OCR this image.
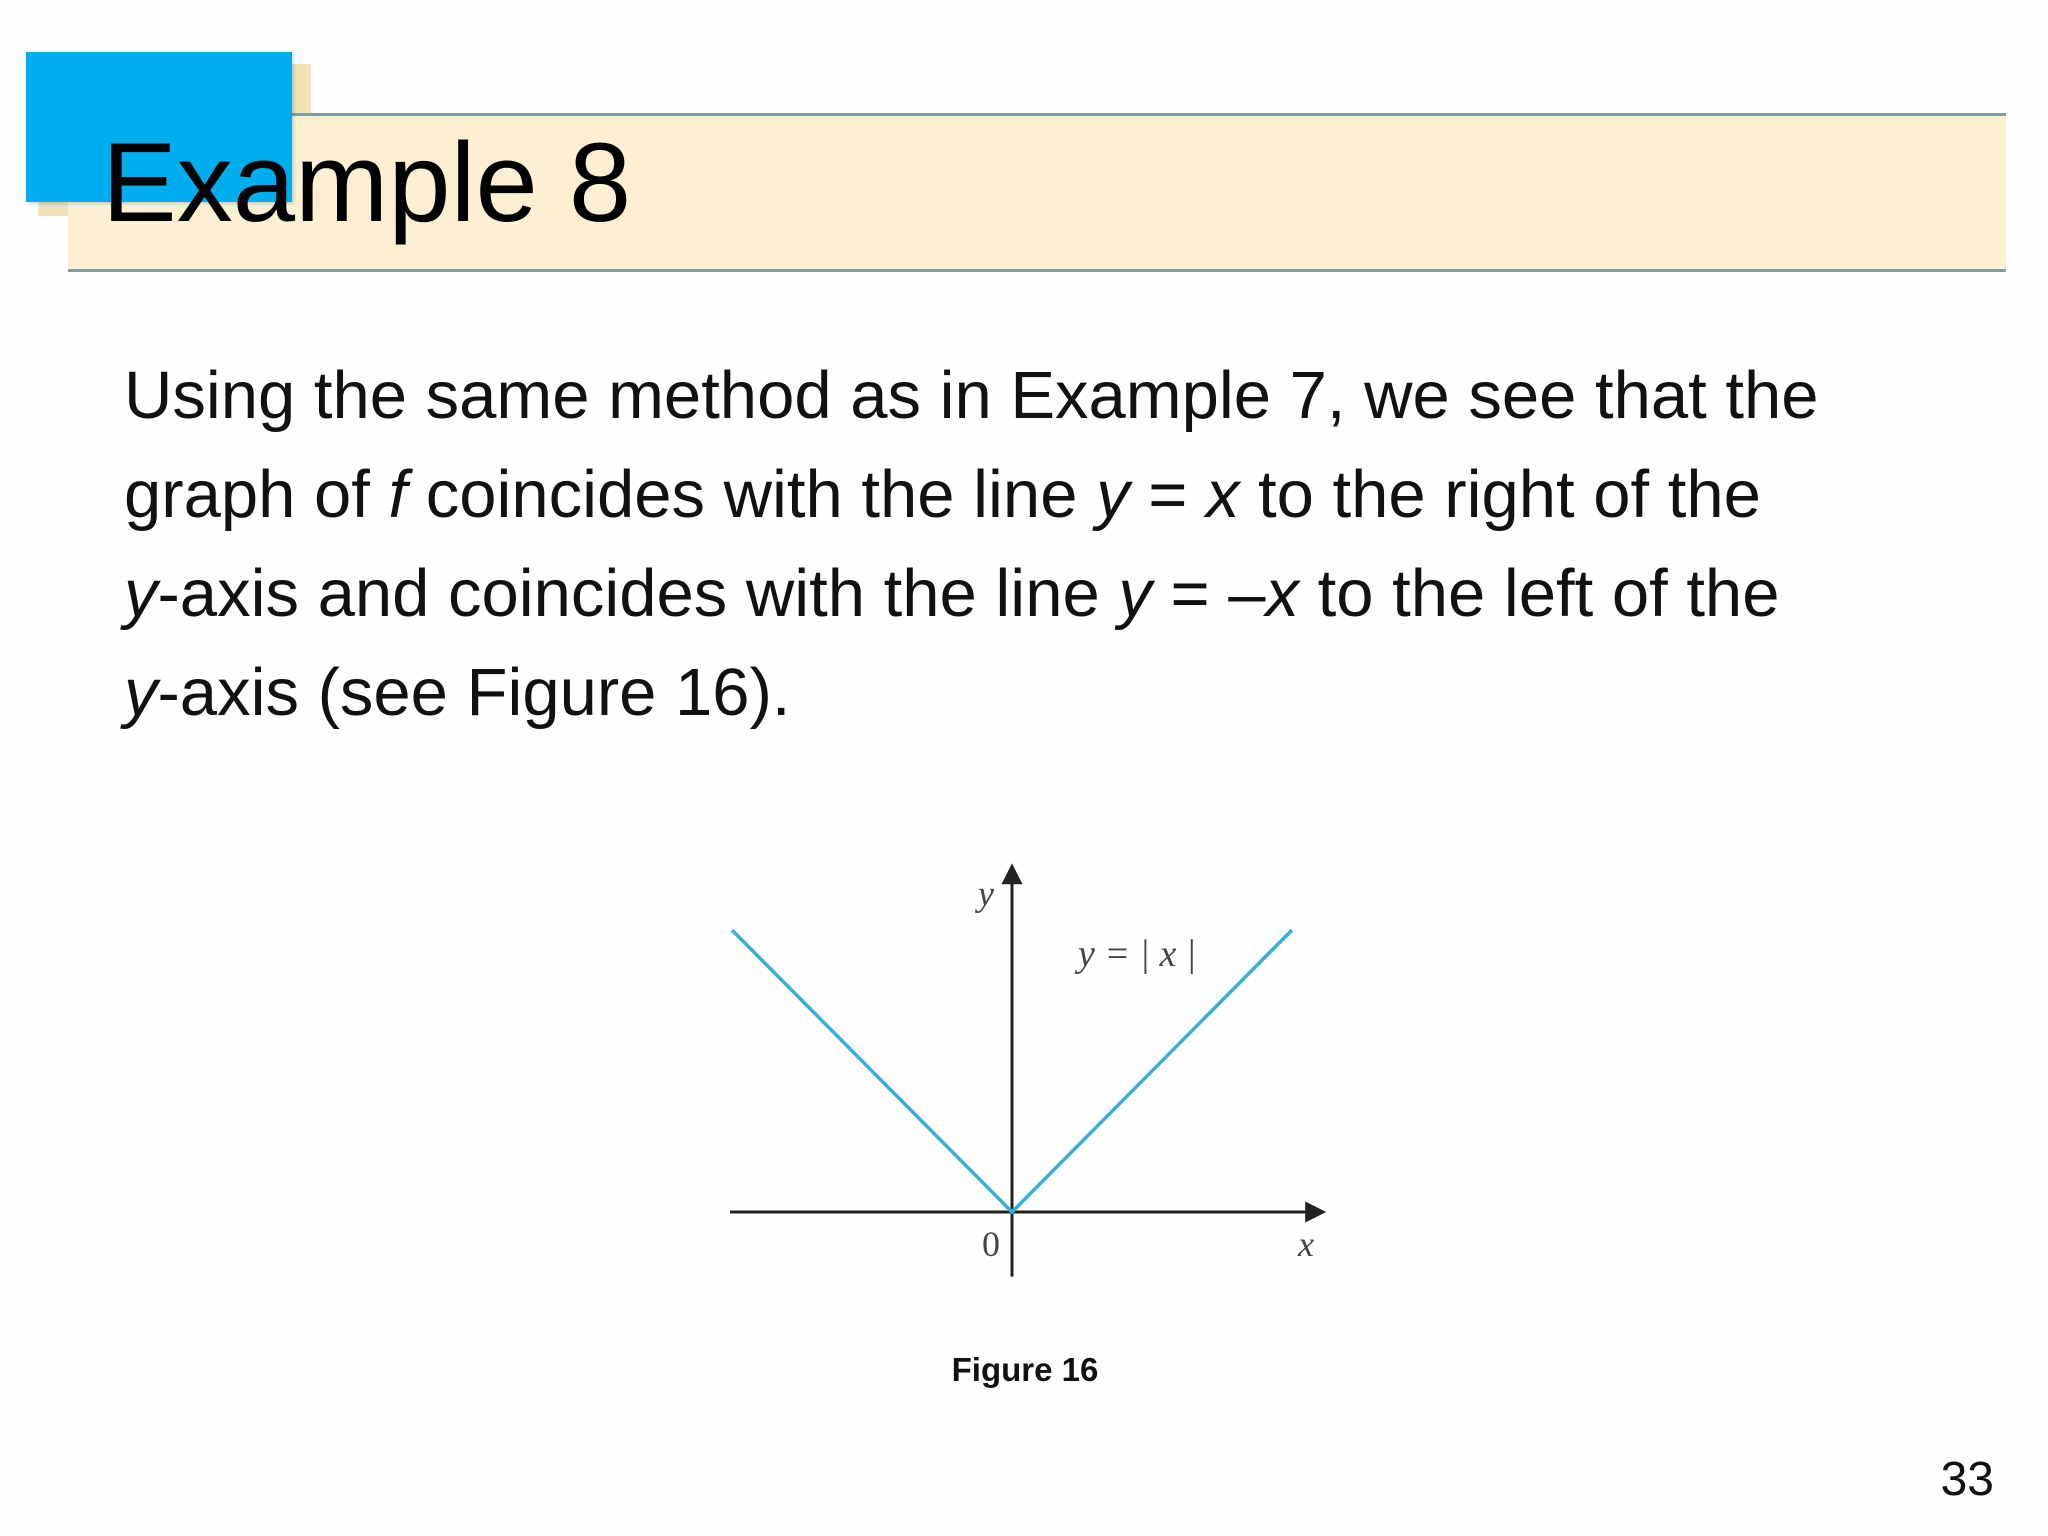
Example 8
Using the same method as in Example 7, we see that the
graph of f coincides with the line y = x to the right of the
y-axis and coincides with the line y = –x to the left of the
y-axis (see Figure 16).
y
x
0
y = | x |
Figure 16
33
